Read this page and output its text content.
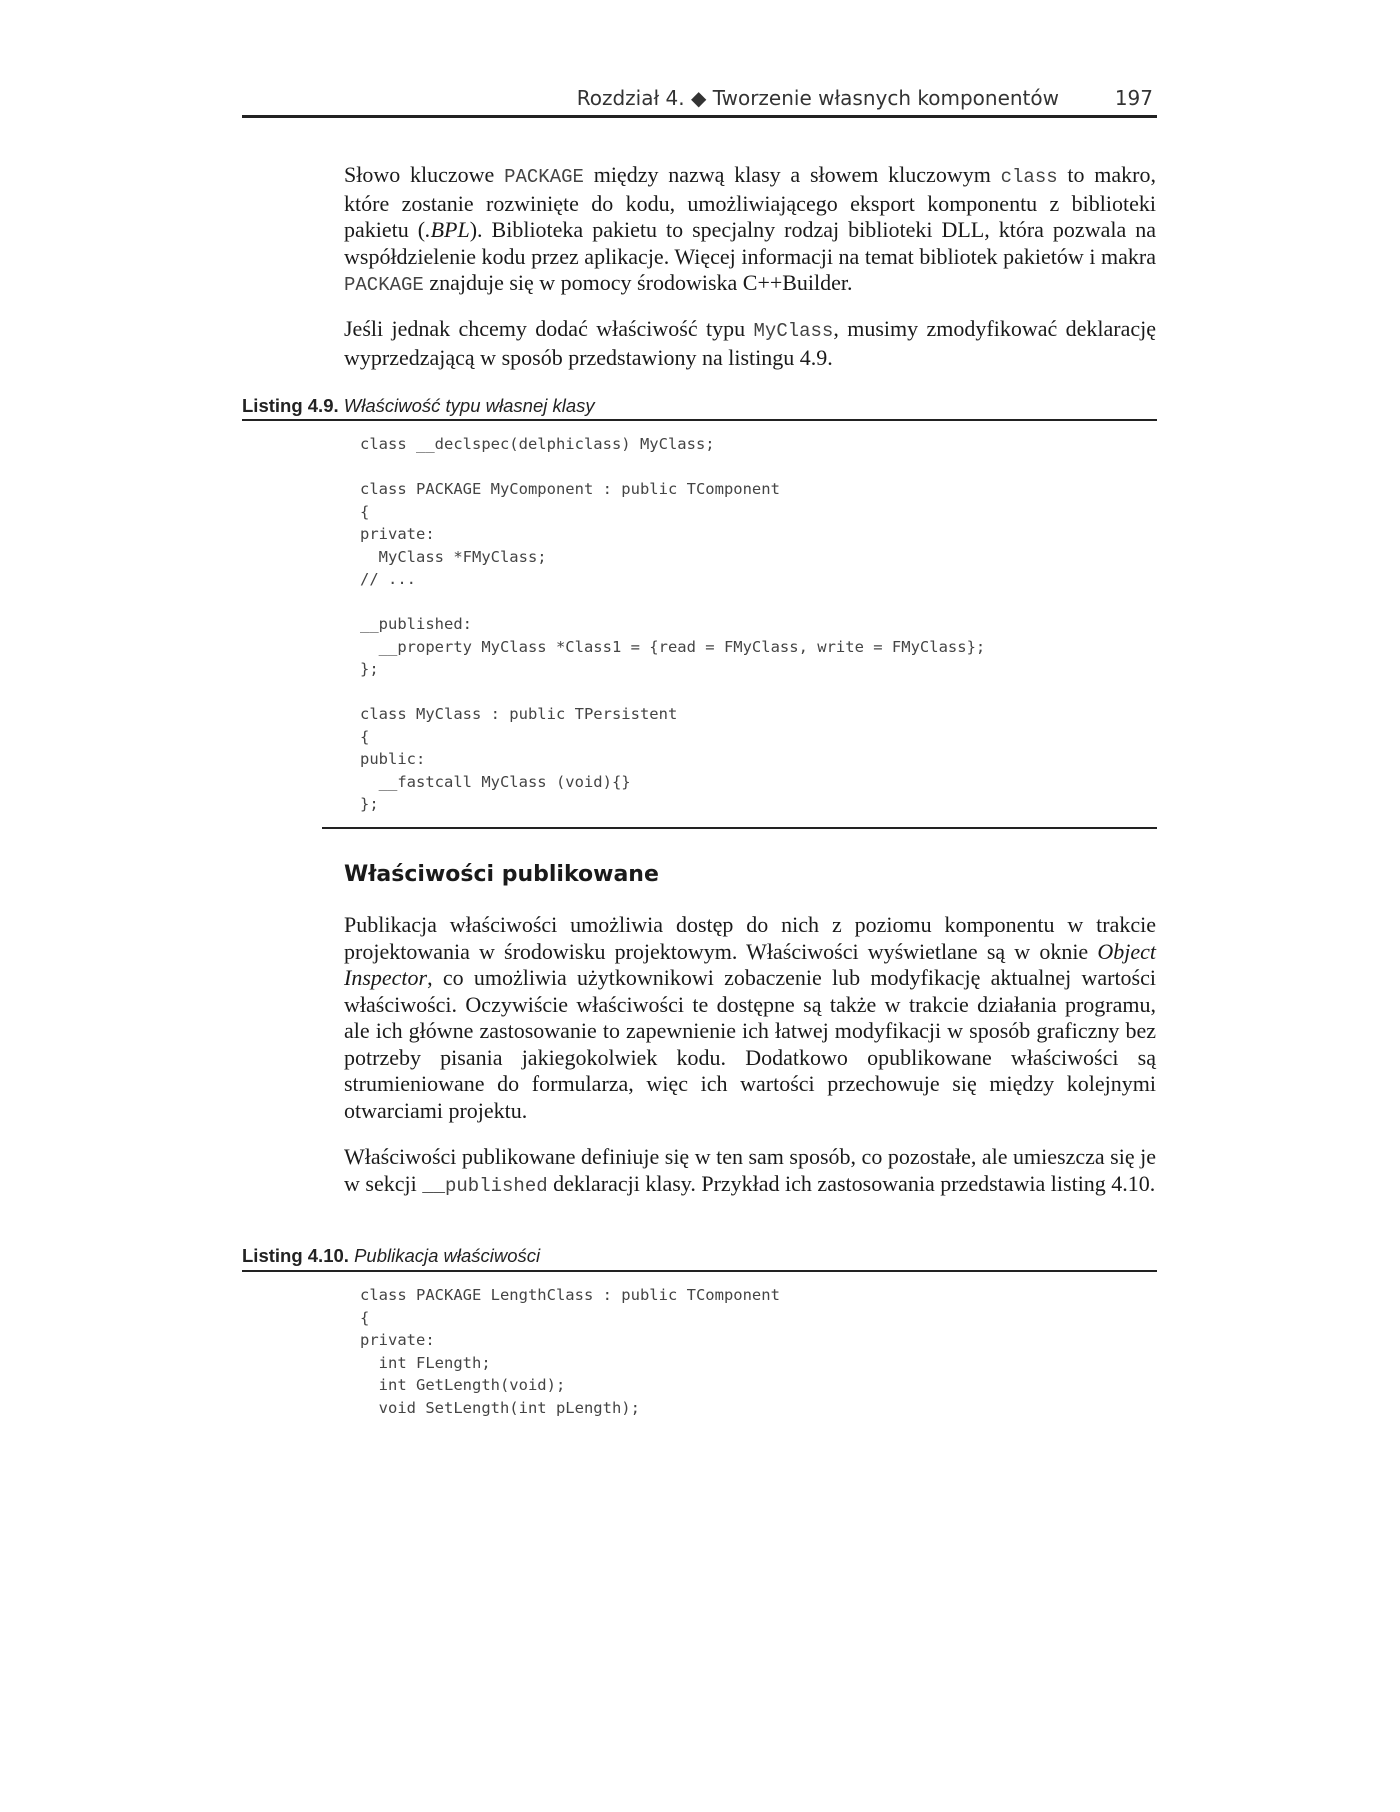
Rozdział 4. ◆ Tworzenie własnych komponentów	197

Słowo kluczowe PACKAGE między nazwą klasy a słowem kluczowym class to makro, które zostanie rozwinięte do kodu, umożliwiającego eksport komponentu z biblioteki pakietu (.BPL). Biblioteka pakietu to specjalny rodzaj biblioteki DLL, która pozwala na współdzielenie kodu przez aplikacje. Więcej informacji na temat bibliotek pakietów i makra PACKAGE znajduje się w pomocy środowiska C++Builder.

Jeśli jednak chcemy dodać właściwość typu MyClass, musimy zmodyfikować deklarację wyprzedzającą w sposób przedstawiony na listingu 4.9.

Listing 4.9. Właściwość typu własnej klasy
class __declspec(delphiclass) MyClass;

class PACKAGE MyComponent : public TComponent
{
private:
MyClass *FMyClass;
// ...

__published:
__property MyClass *Class1 = {read = FMyClass, write = FMyClass};
};

class MyClass : public TPersistent
{
public:
__fastcall MyClass (void){}
};
Właściwości publikowane

Publikacja właściwości umożliwia dostęp do nich z poziomu komponentu w trakcie projektowania w środowisku projektowym. Właściwości wyświetlane są w oknie Object Inspector, co umożliwia użytkownikowi zobaczenie lub modyfikację aktualnej wartości właściwości. Oczywiście właściwości te dostępne są także w trakcie działania programu, ale ich główne zastosowanie to zapewnienie ich łatwej modyfikacji w sposób graficzny bez potrzeby pisania jakiegokolwiek kodu. Dodatkowo opublikowane właściwości są strumieniowane do formularza, więc ich wartości przechowuje się między kolejnymi otwarciami projektu.

Właściwości publikowane definiuje się w ten sam sposób, co pozostałe, ale umieszcza się je w sekcji __published deklaracji klasy. Przykład ich zastosowania przedstawia listing 4.10.

Listing 4.10. Publikacja właściwości
class PACKAGE LengthClass : public TComponent
{
private:
int FLength;
int GetLength(void);
void SetLength(int pLength);
